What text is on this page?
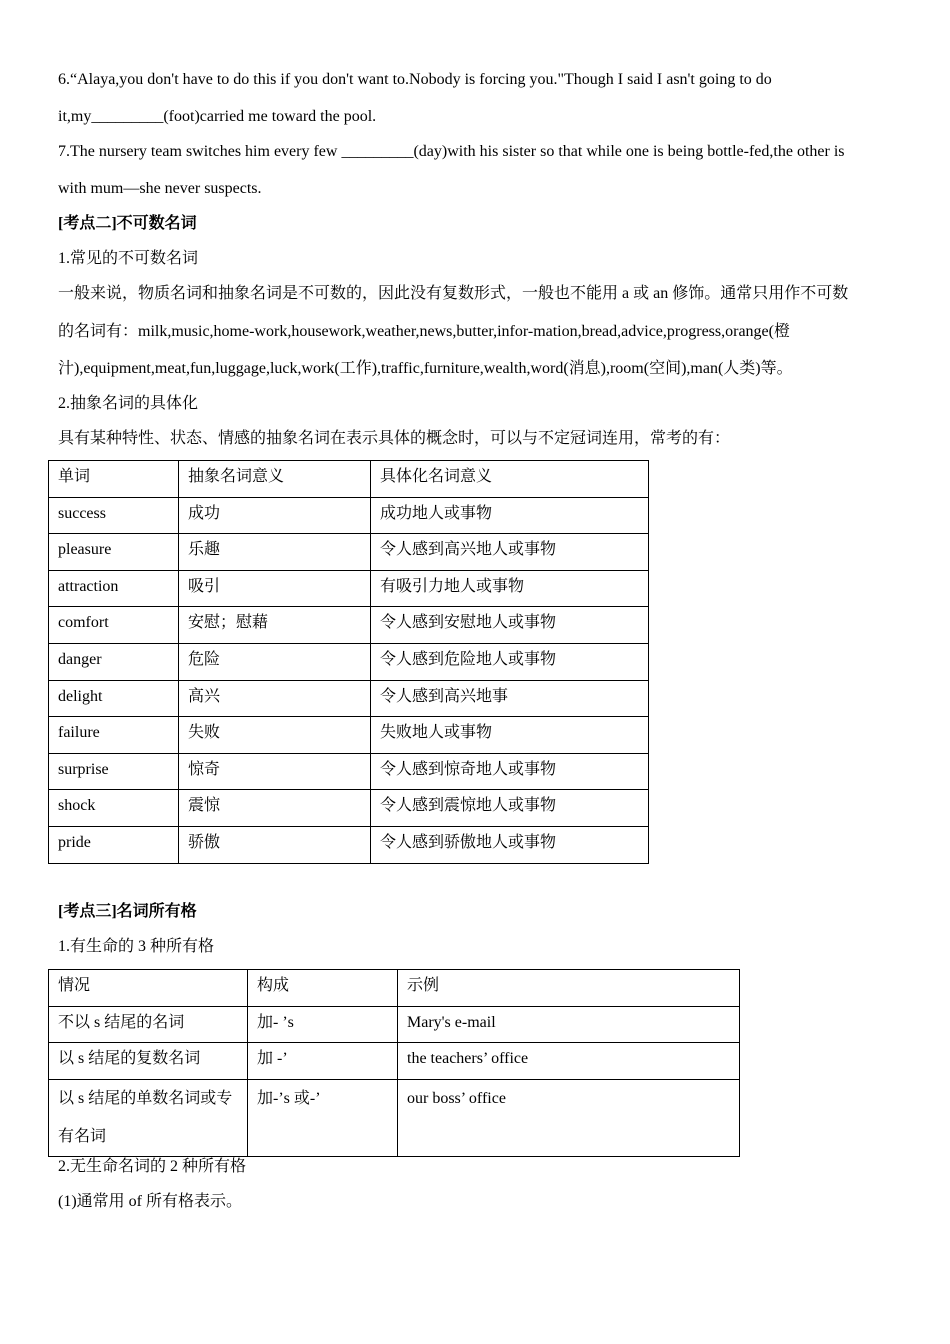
6.“Alaya,you don't have to do this if you don't want to.Nobody is forcing you."Though I said I asn't going to do
it,my_________(foot)carried me toward the pool.
7.The nursery team switches him every few _________(day)with his sister so that while one is being bottle-fed,the other is
with mum—she never suspects.
[考点二]不可数名词
1.常见的不可数名词
一般来说，物质名词和抽象名词是不可数的，因此没有复数形式，一般也不能用 a 或 an 修饰。通常只用作不可数
的名词有：milk,music,home-work,housework,weather,news,butter,infor-mation,bread,advice,progress,orange(橙
汁),equipment,meat,fun,luggage,luck,work(工作),traffic,furniture,wealth,word(消息),room(空间),man(人类)等。
2.抽象名词的具体化
具有某种特性、状态、情感的抽象名词在表示具体的概念时，可以与不定冠词连用，常考的有：
单词	抽象名词意义	具体化名词意义
success	成功	成功地人或事物
pleasure	乐趣	令人感到高兴地人或事物
attraction	吸引	有吸引力地人或事物
comfort	安慰；慰藉	令人感到安慰地人或事物
danger	危险	令人感到危险地人或事物
delight	高兴	令人感到高兴地事
failure	失败	失败地人或事物
surprise	惊奇	令人感到惊奇地人或事物
shock	震惊	令人感到震惊地人或事物
pride	骄傲	令人感到骄傲地人或事物
[考点三]名词所有格
1.有生命的 3 种所有格
情况	构成	示例
不以 s 结尾的名词	加- ’s	Mary's e-mail
以 s 结尾的复数名词	加 -’	the teachers’ office

以 s 结尾的单数名词或专
有名词	加-’s 或-’	our boss’ office
2.无生命名词的 2 种所有格
(1)通常用 of 所有格表示。
